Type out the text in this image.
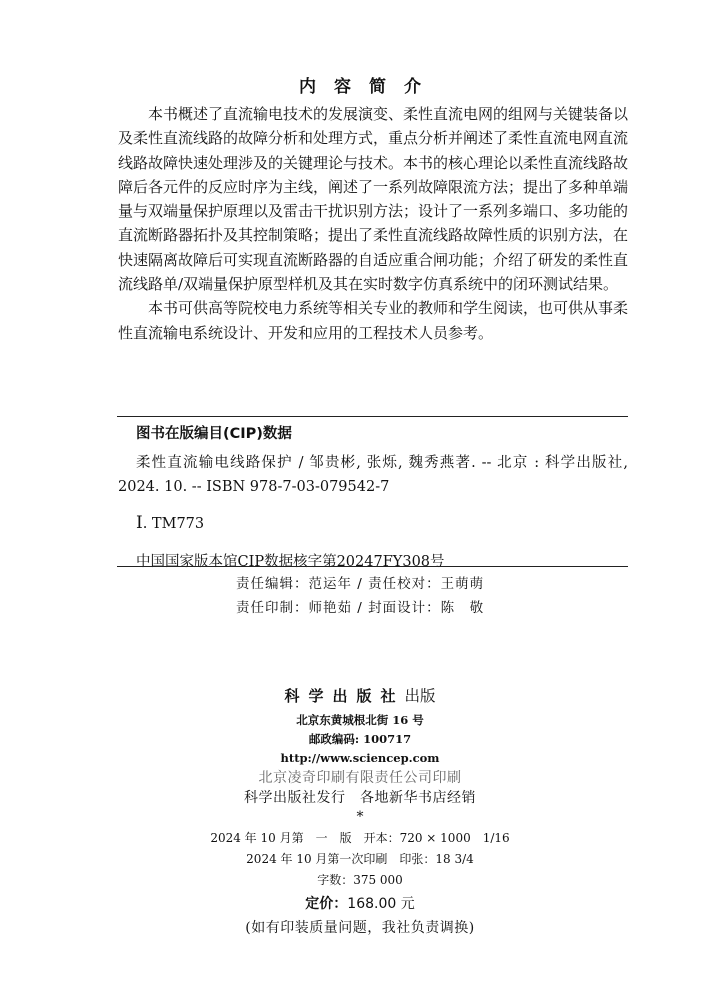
内容简介

本书概述了直流输电技术的发展演变、柔性直流电网的组网与关键装备以及柔性直流线路的故障分析和处理方式，重点分析并阐述了柔性直流电网直流线路故障快速处理涉及的关键理论与技术。本书的核心理论以柔性直流线路故障后各元件的反应时序为主线，阐述了一系列故障限流方法；提出了多种单端量与双端量保护原理以及雷击干扰识别方法；设计了一系列多端口、多功能的直流断路器拓扑及其控制策略；提出了柔性直流线路故障性质的识别方法，在快速隔离故障后可实现直流断路器的自适应重合闸功能；介绍了研发的柔性直流线路单/双端量保护原型样机及其在实时数字仿真系统中的闭环测试结果。

本书可供高等院校电力系统等相关专业的教师和学生阅读，也可供从事柔性直流输电系统设计、开发和应用的工程技术人员参考。

图书在版编目(CIP)数据
柔性直流输电线路保护 / 邹贵彬, 张烁, 魏秀燕著. -- 北京 : 科学出版社, 2024. 10. -- ISBN 978-7-03-079542-7
Ⅰ. TM773
中国国家版本馆CIP数据核字第20247FY308号
责任编辑：范运年 / 责任校对：王萌萌
责任印制：师艳茹 / 封面设计：陈　敬
科学出版社出版
北京东黄城根北街 16 号
邮政编码: 100717
http://www.sciencep.com
北京凌奇印刷有限责任公司印刷
科学出版社发行　各地新华书店经销
*
2024 年 10 月第　一　版　开本：720 × 1000　1/16
2024 年 10 月第一次印刷　印张：18 3/4
字数：375 000
定价：168.00 元
(如有印装质量问题，我社负责调换)
